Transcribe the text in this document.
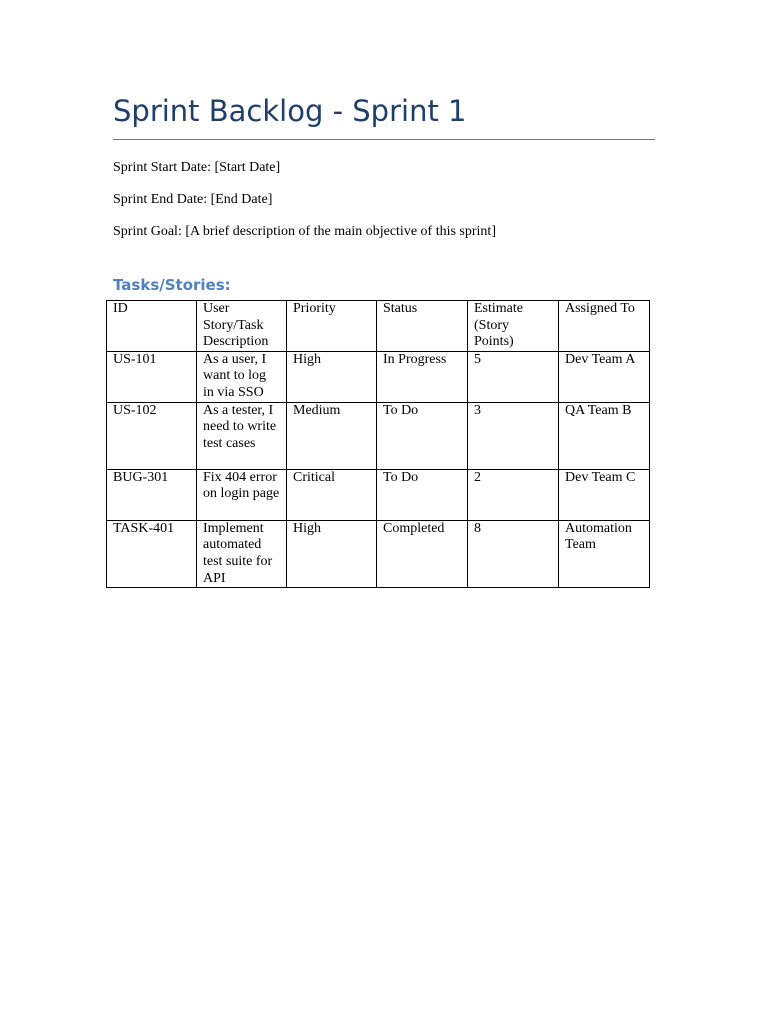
Sprint Backlog - Sprint 1
Sprint Start Date: [Start Date]
Sprint End Date: [End Date]
Sprint Goal: [A brief description of the main objective of this sprint]
Tasks/Stories:
ID	User Story/Task Description	Priority	Status	Estimate (Story Points)	Assigned To
US-101	As a user, I want to log in via SSO	High	In Progress	5	Dev Team A
US-102	As a tester, I need to write test cases	Medium	To Do	3	QA Team B
BUG-301	Fix 404 error on login page	Critical	To Do	2	Dev Team C
TASK-401	Implement automated test suite for API	High	Completed	8	Automation Team
